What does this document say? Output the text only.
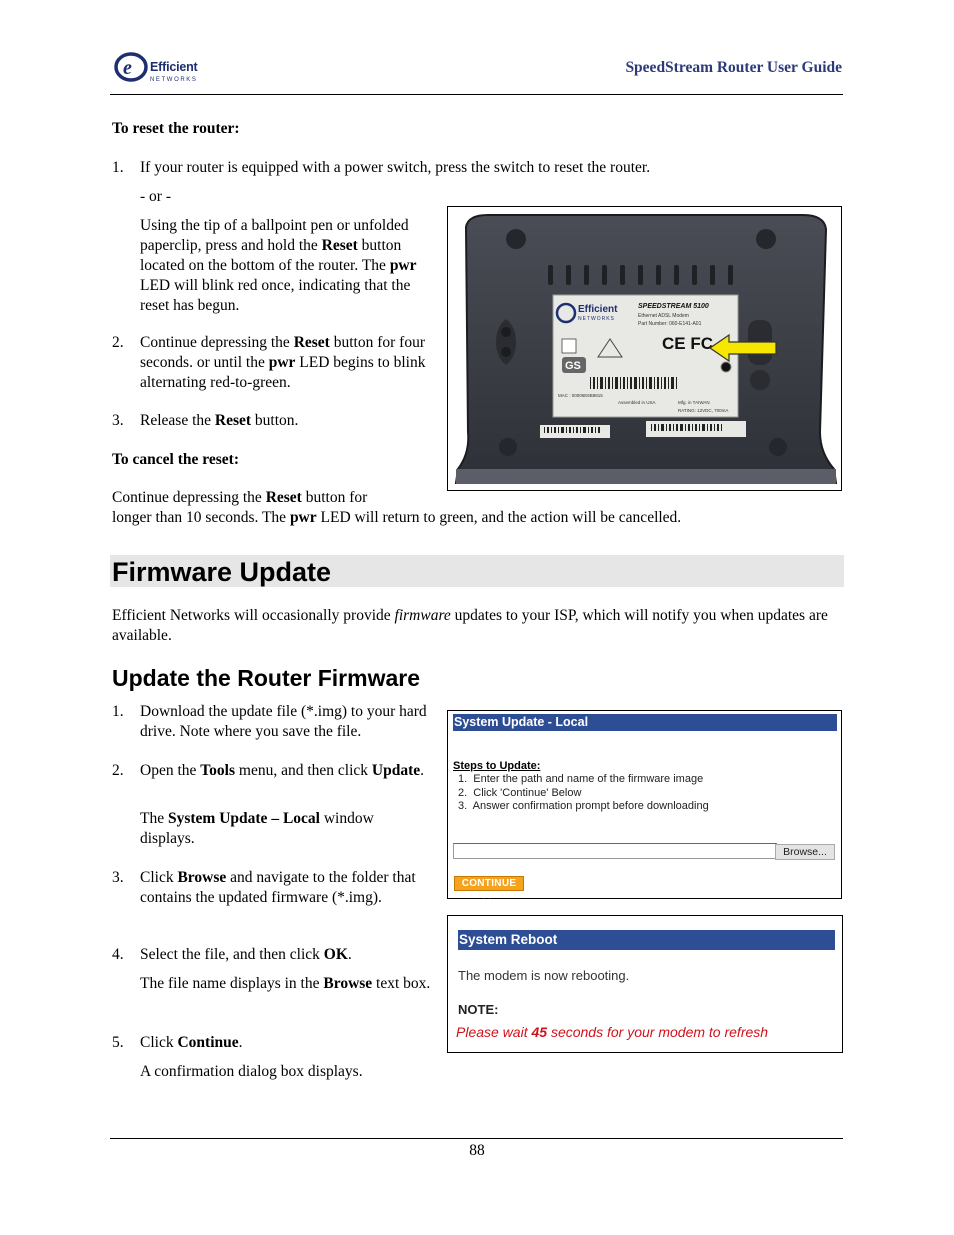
e Efficient
NETWORKS
SpeedStream Router User Guide
To reset the router:
1. If your router is equipped with a power switch, press the switch to reset the router.
- or -
Using the tip of a ballpoint pen or unfolded paperclip, press and hold the Reset button located on the bottom of the router. The pwr LED will blink red once, indicating that the reset has begun.
2. Continue depressing the Reset button for four seconds. or until the pwr LED begins to blink alternating red-to-green.
3. Release the Reset button.
To cancel the reset:
Continue depressing the Reset button for
longer than 10 seconds. The pwr LED will return to green, and the action will be cancelled.
Efficient
NETWORKS
SPEEDSTREAM 5100
Ethernet ADSL Modem
Part Number: 060-E141-A01
CE FC
GS
MAC : 00006E6B9815
Assembled in USA	Mfg. in TAIWAN
RATING: 12VDC, 700mA
Firmware Update
Efficient Networks will occasionally provide firmware updates to your ISP, which will notify you when updates are available.
Update the Router Firmware
1. Download the update file (*.img) to your hard drive. Note where you save the file.
2. Open the Tools menu, and then click Update.
The System Update – Local window displays.
3. Click Browse and navigate to the folder that contains the updated firmware (*.img).
4. Select the file, and then click OK.
The file name displays in the Browse text box.
5. Click Continue.
A confirmation dialog box displays.
System Update - Local
Steps to Update:
1.  Enter the path and name of the firmware image
2.  Click 'Continue' Below
3.  Answer confirmation prompt before downloading
Browse...
CONTINUE >>
System Reboot
The modem is now rebooting.
NOTE:
Please wait 45 seconds for your modem to refresh
88
